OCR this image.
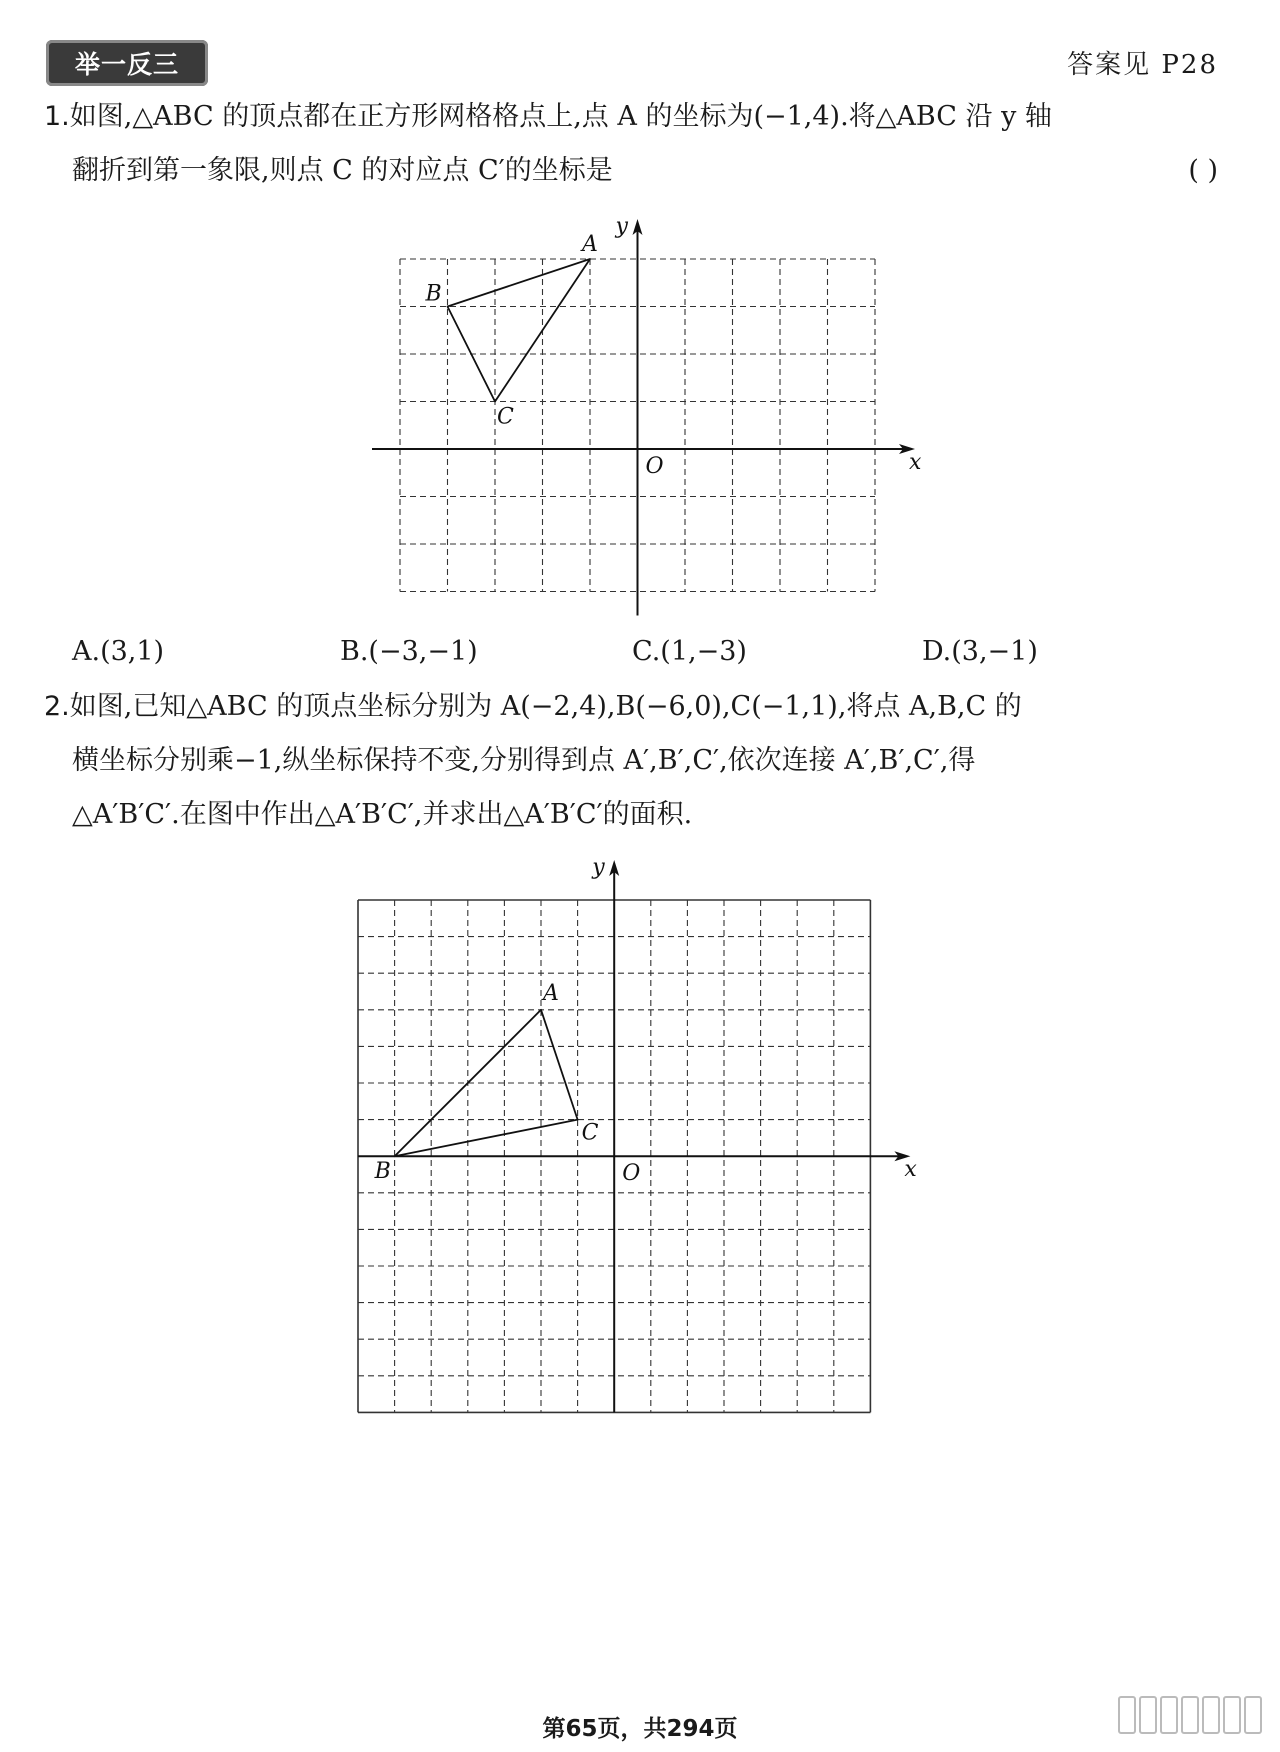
举一反三	答案见 P28
1.如图,△ABC 的顶点都在正方形网格格点上,点 A 的坐标为(−1,4).将△ABC 沿 y 轴
翻折到第一象限,则点 C 的对应点 C′的坐标是	( )
y
x
O
A
B
C
A.(3,1)	B.(−3,−1)	C.(1,−3)	D.(3,−1)
2.如图,已知△ABC 的顶点坐标分别为 A(−2,4),B(−6,0),C(−1,1),将点 A,B,C 的
横坐标分别乘−1,纵坐标保持不变,分别得到点 A′,B′,C′,依次连接 A′,B′,C′,得
△A′B′C′.在图中作出△A′B′C′,并求出△A′B′C′的面积.
y
x
O
A
B
C
第65页，共294页
